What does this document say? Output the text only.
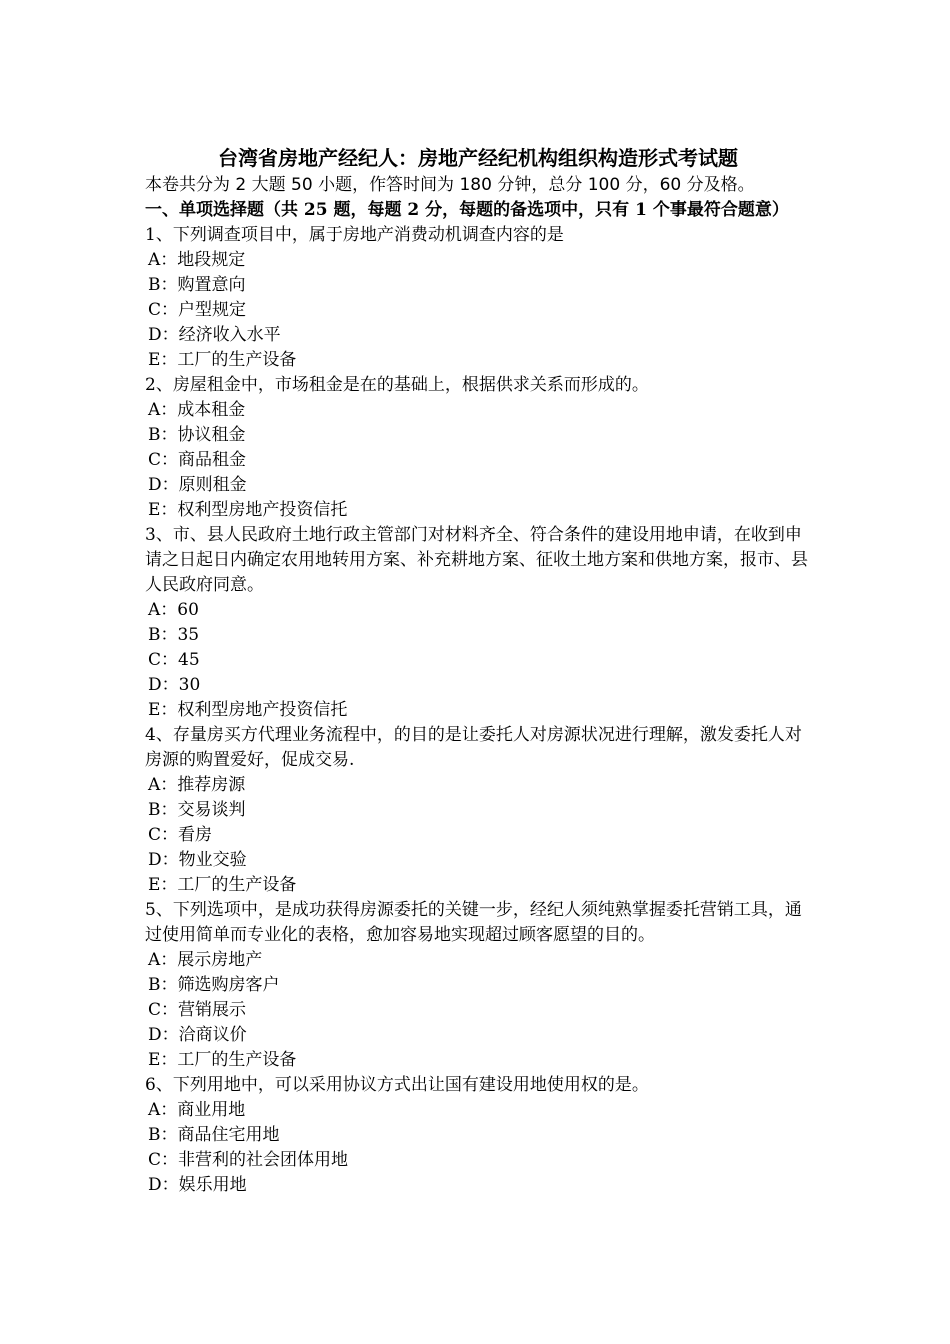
台湾省房地产经纪人：房地产经纪机构组织构造形式考试题
本卷共分为 2 大题 50 小题，作答时间为 180 分钟，总分 100 分，60 分及格。
一、单项选择题（共 25 题，每题 2 分，每题的备选项中，只有 1 个事最符合题意）
1、下列调查项目中，属于房地产消费动机调查内容的是
A：地段规定
B：购置意向
C：户型规定
D：经济收入水平
E：工厂的生产设备
2、房屋租金中，市场租金是在的基础上，根据供求关系而形成的。
A：成本租金
B：协议租金
C：商品租金
D：原则租金
E：权利型房地产投资信托
3、市、县人民政府土地行政主管部门对材料齐全、符合条件的建设用地申请，在收到申请之日起日内确定农用地转用方案、补充耕地方案、征收土地方案和供地方案，报市、县人民政府同意。
A：60
B：35
C：45
D：30
E：权利型房地产投资信托
4、存量房买方代理业务流程中，的目的是让委托人对房源状况进行理解，激发委托人对房源的购置爱好，促成交易.
A：推荐房源
B：交易谈判
C：看房
D：物业交验
E：工厂的生产设备
5、下列选项中，是成功获得房源委托的关键一步，经纪人须纯熟掌握委托营销工具，通过使用简单而专业化的表格，愈加容易地实现超过顾客愿望的目的。
A：展示房地产
B：筛选购房客户
C：营销展示
D：洽商议价
E：工厂的生产设备
6、下列用地中，可以采用协议方式出让国有建设用地使用权的是。
A：商业用地
B：商品住宅用地
C：非营利的社会团体用地
D：娱乐用地
